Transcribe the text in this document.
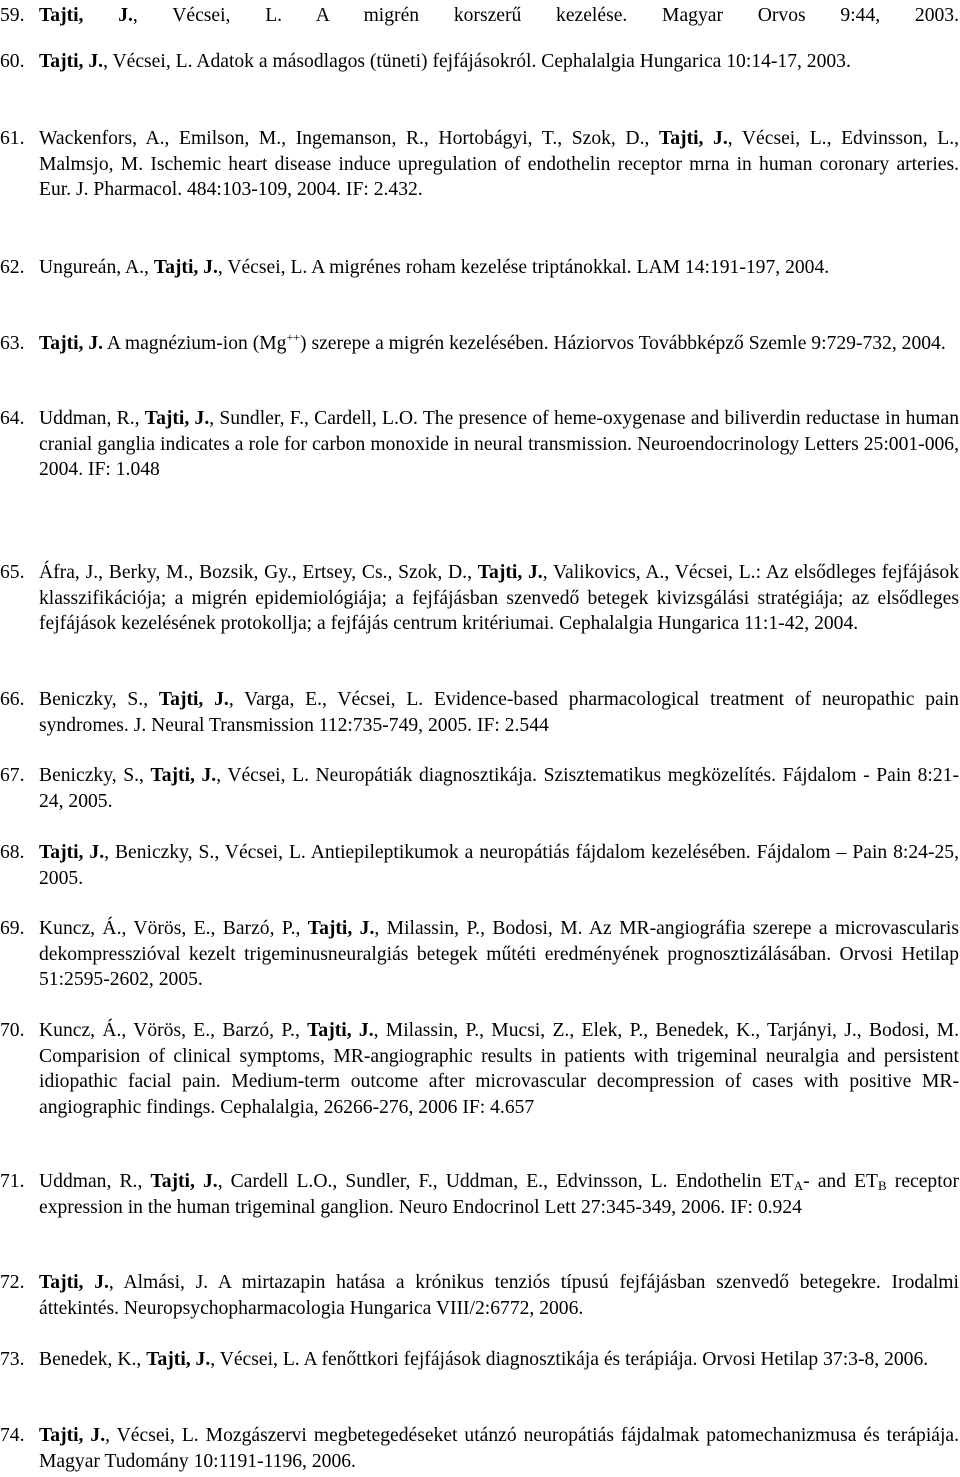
59. Tajti, J., Vécsei, L. A migrén korszerű kezelése. Magyar Orvos 9:44, 2003.
60. Tajti, J., Vécsei, L. Adatok a másodlagos (tüneti) fejfájásokról. Cephalalgia Hungarica 10:14-17, 2003.
61. Wackenfors, A., Emilson, M., Ingemanson, R., Hortobágyi, T., Szok, D., Tajti, J., Vécsei, L., Edvinsson, L., Malmsjo, M. Ischemic heart disease induce upregulation of endothelin receptor mrna in human coronary arteries. Eur. J. Pharmacol. 484:103-109, 2004. IF: 2.432.
62. Ungureán, A., Tajti, J., Vécsei, L. A migrénes roham kezelése triptánokkal. LAM 14:191-197, 2004.
63. Tajti, J. A magnézium-ion (Mg++) szerepe a migrén kezelésében. Háziorvos Továbbképző Szemle 9:729-732, 2004.
64. Uddman, R., Tajti, J., Sundler, F., Cardell, L.O. The presence of heme-oxygenase and biliverdin reductase in human cranial ganglia indicates a role for carbon monoxide in neural transmission. Neuroendocrinology Letters 25:001-006, 2004. IF: 1.048
65. Áfra, J., Berky, M., Bozsik, Gy., Ertsey, Cs., Szok, D., Tajti, J., Valikovics, A., Vécsei, L.: Az elsődleges fejfájások klasszifikációja; a migrén epidemiológiája; a fejfájásban szenvedő betegek kivizsgálási stratégiája; az elsődleges fejfájások kezelésének protokollja; a fejfájás centrum kritériumai. Cephalalgia Hungarica 11:1-42, 2004.
66. Beniczky, S., Tajti, J., Varga, E., Vécsei, L. Evidence-based pharmacological treatment of neuropathic pain syndromes. J. Neural Transmission 112:735-749, 2005. IF: 2.544
67. Beniczky, S., Tajti, J., Vécsei, L. Neuropátiák diagnosztikája. Szisztematikus megközelítés. Fájdalom - Pain 8:21-24, 2005.
68. Tajti, J., Beniczky, S., Vécsei, L. Antiepileptikumok a neuropátiás fájdalom kezelésében. Fájdalom – Pain 8:24-25, 2005.
69. Kuncz, Á., Vörös, E., Barzó, P., Tajti, J., Milassin, P., Bodosi, M. Az MR-angiográfia szerepe a microvascularis dekompresszióval kezelt trigeminusneuralgiás betegek műtéti eredményének prognosztizálásában. Orvosi Hetilap 51:2595-2602, 2005.
70. Kuncz, Á., Vörös, E., Barzó, P., Tajti, J., Milassin, P., Mucsi, Z., Elek, P., Benedek, K., Tarjányi, J., Bodosi, M. Comparision of clinical symptoms, MR-angiographic results in patients with trigeminal neuralgia and persistent idiopathic facial pain. Medium-term outcome after microvascular decompression of cases with positive MR-angiographic findings. Cephalalgia, 26266-276, 2006 IF: 4.657
71. Uddman, R., Tajti, J., Cardell L.O., Sundler, F., Uddman, E., Edvinsson, L. Endothelin $ET_A-$ and $ET_B$ receptor expression in the human trigeminal ganglion. Neuro Endocrinol Lett 27:345-349, 2006. IF: 0.924
72. Tajti, J., Almási, J. A mirtazapin hatása a krónikus tenziós típusú fejfájásban szenvedő betegekre. Irodalmi áttekintés. Neuropsychopharmacologia Hungarica VIII/2:6772, 2006.
73. Benedek, K., Tajti, J., Vécsei, L. A fenőttkori fejfájások diagnosztikája és terápiája. Orvosi Hetilap 37:3-8, 2006.
74. Tajti, J., Vécsei, L. Mozgászervi megbetegedéseket utánzó neuropátiás fájdalmak patomechanizmusa és terápiája. Magyar Tudomány 10:1191-1196, 2006.
